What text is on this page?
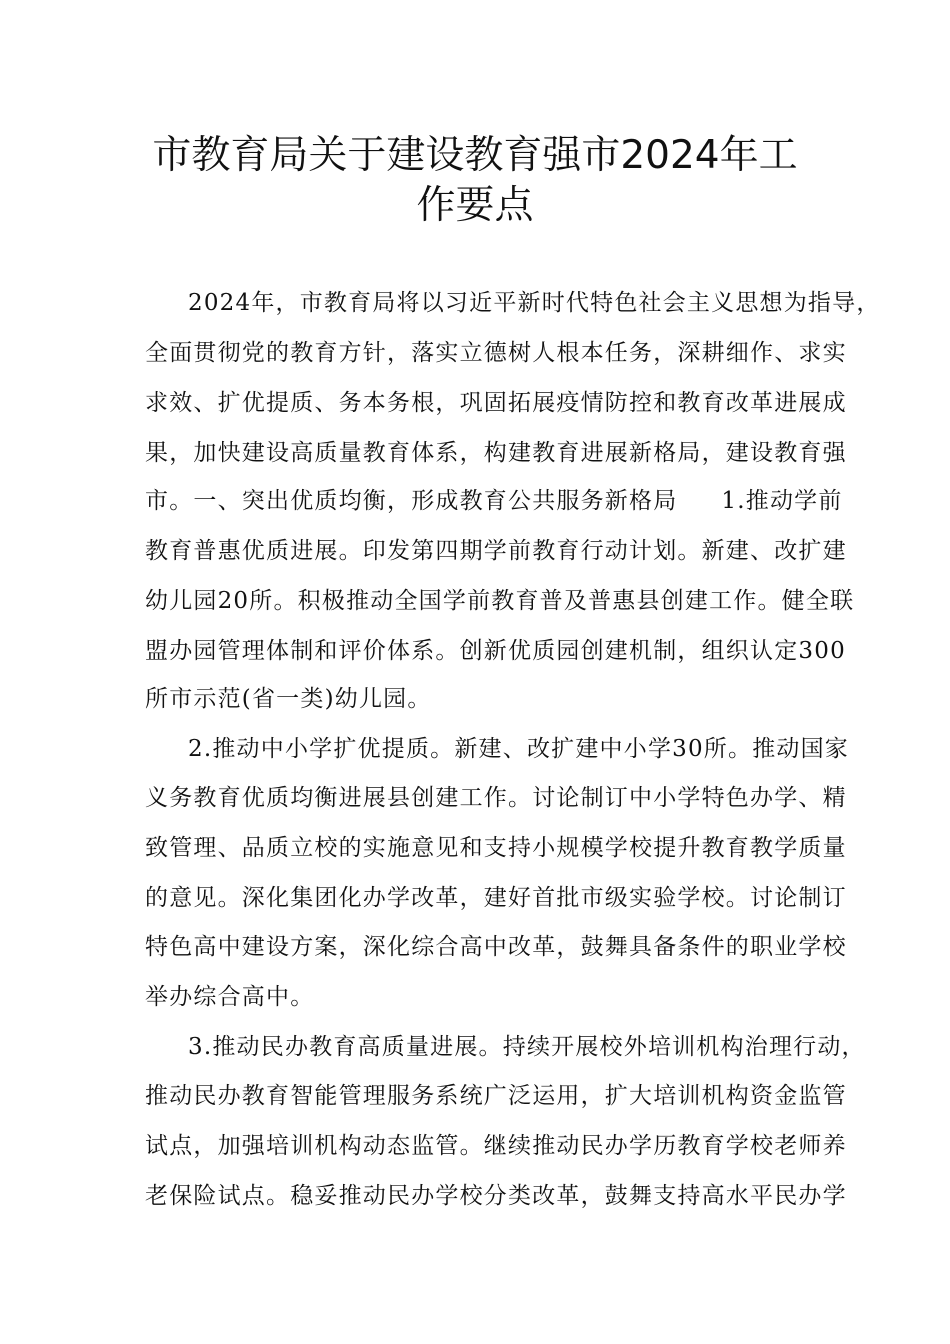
市教育局关于建设教育强市2024年工
作要点
2024年，市教育局将以习近平新时代特色社会主义思想为指导，
全面贯彻党的教育方针，落实立德树人根本任务，深耕细作、求实
求效、扩优提质、务本务根，巩固拓展疫情防控和教育改革进展成
果，加快建设高质量教育体系，构建教育进展新格局，建设教育强
市。一、突出优质均衡，形成教育公共服务新格局 1.推动学前
教育普惠优质进展。印发第四期学前教育行动计划。新建、改扩建
幼儿园20所。积极推动全国学前教育普及普惠县创建工作。健全联
盟办园管理体制和评价体系。创新优质园创建机制，组织认定300
所市示范(省一类)幼儿园。
2.推动中小学扩优提质。新建、改扩建中小学30所。推动国家
义务教育优质均衡进展县创建工作。讨论制订中小学特色办学、精
致管理、品质立校的实施意见和支持小规模学校提升教育教学质量
的意见。深化集团化办学改革，建好首批市级实验学校。讨论制订
特色高中建设方案，深化综合高中改革，鼓舞具备条件的职业学校
举办综合高中。
3.推动民办教育高质量进展。持续开展校外培训机构治理行动，
推动民办教育智能管理服务系统广泛运用，扩大培训机构资金监管
试点，加强培训机构动态监管。继续推动民办学历教育学校老师养
老保险试点。稳妥推动民办学校分类改革，鼓舞支持高水平民办学
